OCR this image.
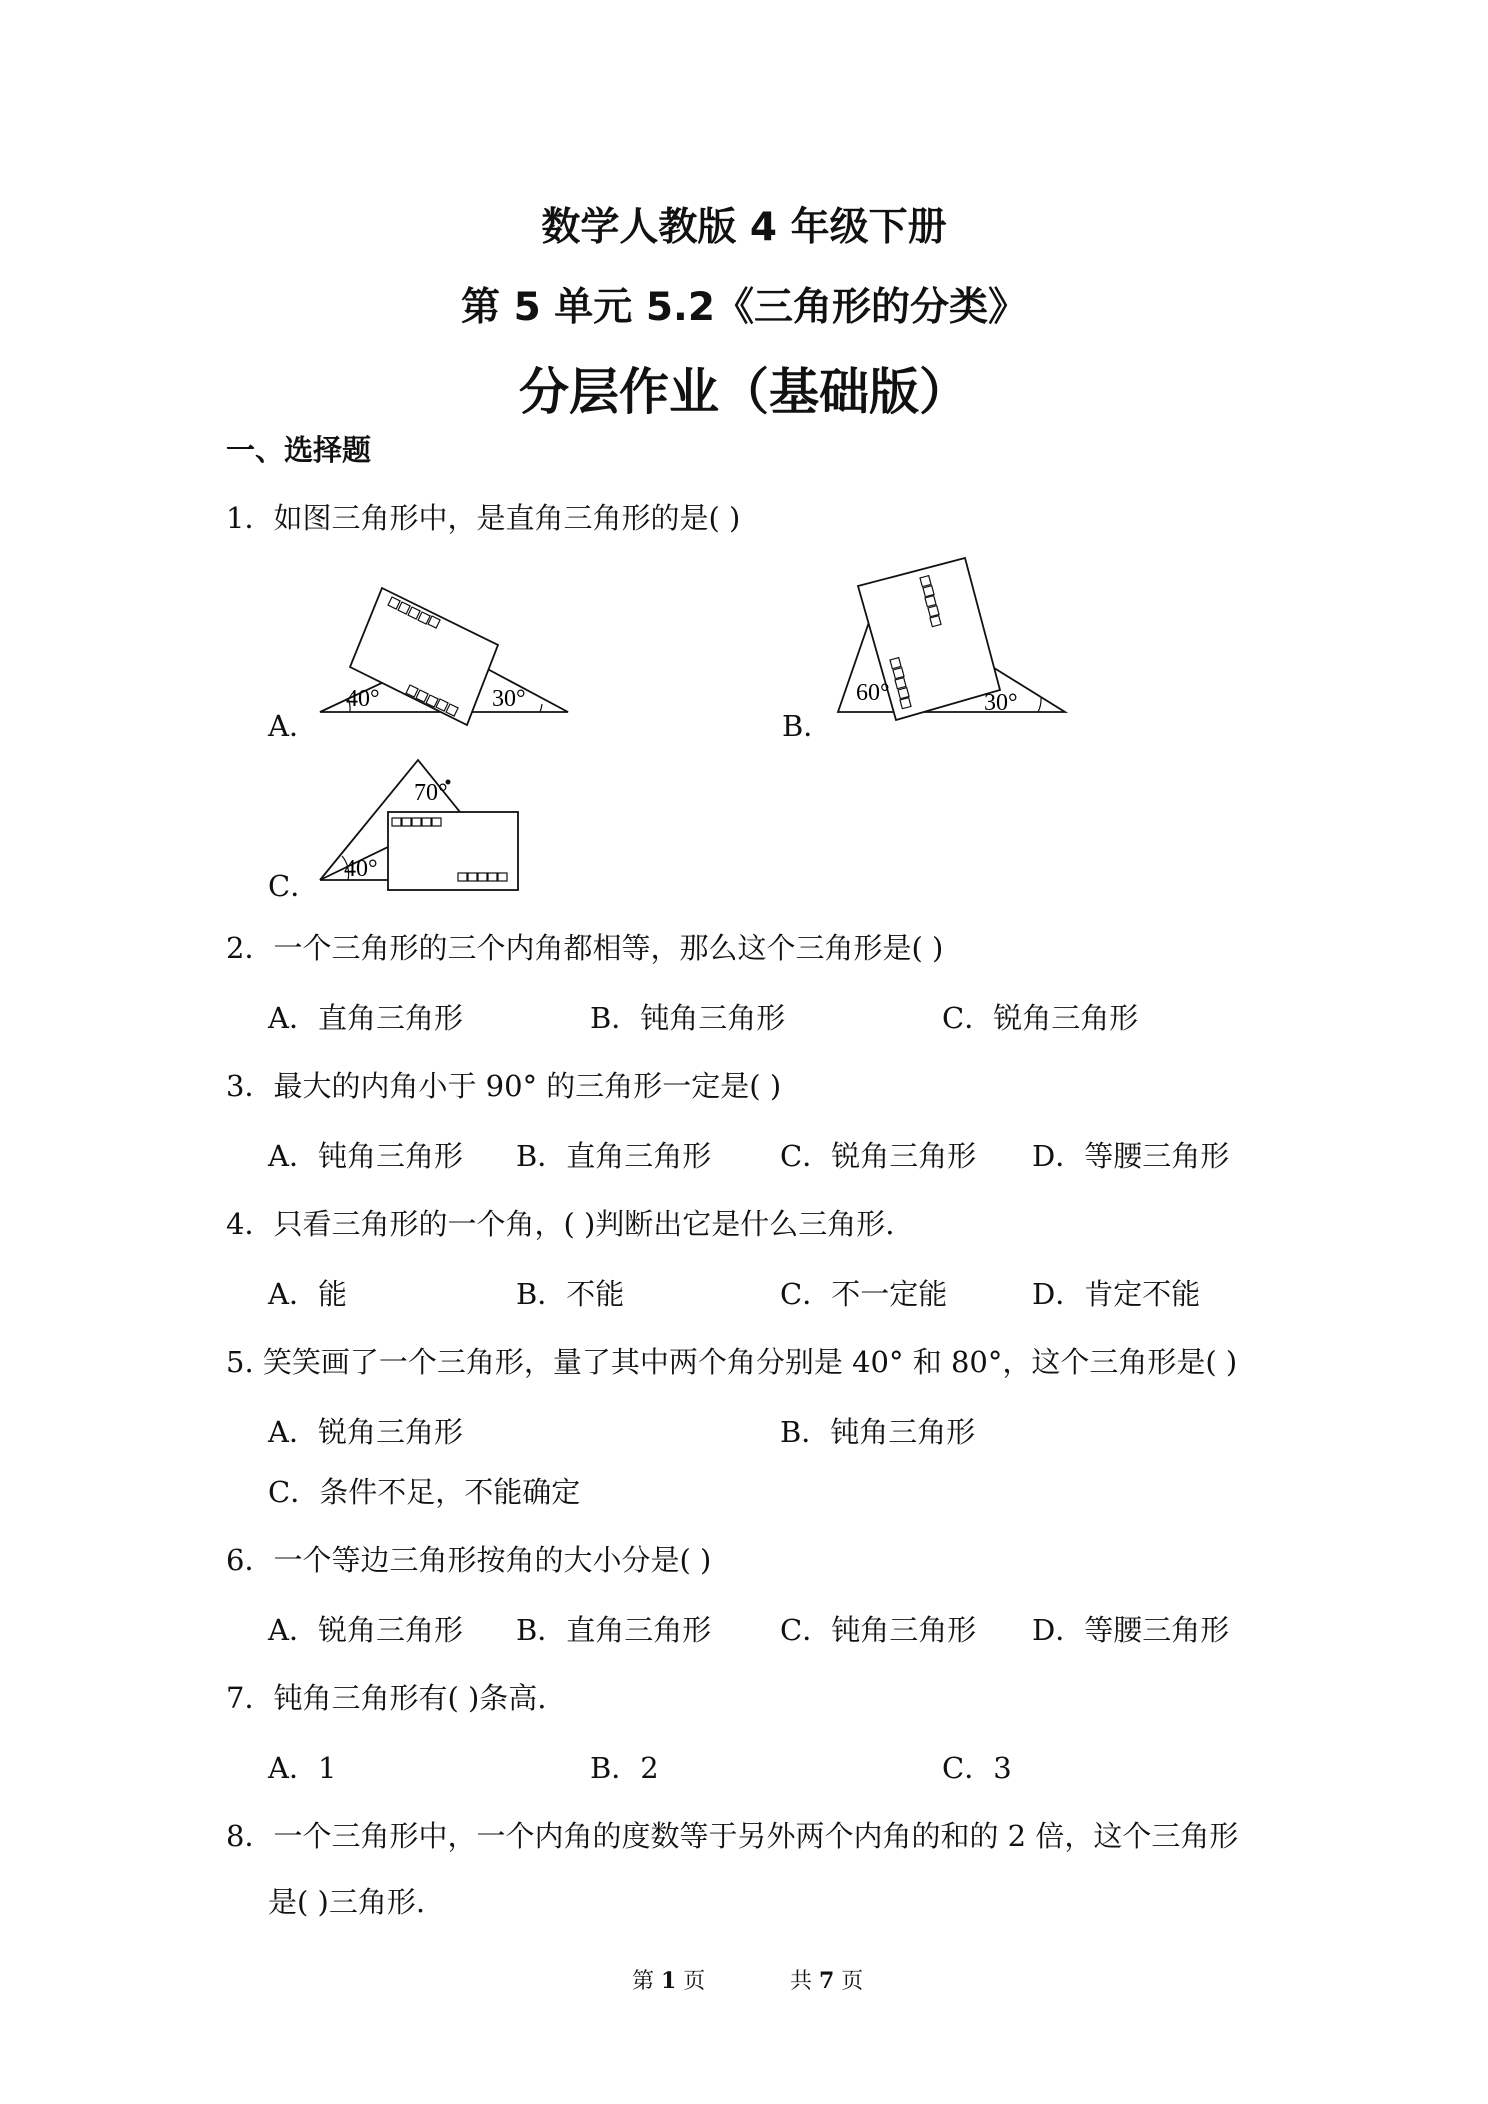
数学人教版 4 年级下册
第 5 单元 5.2《三角形的分类》
分层作业（基础版）
一、选择题
1．如图三角形中，是直角三角形的是( )
A．
40°	30°
B．
60°	30°
C．
70°
40°
2．一个三角形的三个内角都相等，那么这个三角形是( )
A．直角三角形	B．钝角三角形	C．锐角三角形
3．最大的内角小于 90° 的三角形一定是( )
A．钝角三角形 B．直角三角形 C．锐角三角形 D．等腰三角形
4．只看三角形的一个角，( )判断出它是什么三角形.
A．能	B．不能	C．不一定能	D．肯定不能
5. 笑笑画了一个三角形，量了其中两个角分别是 40° 和 80°，这个三角形是( )
A．锐角三角形	B．钝角三角形
C．条件不足，不能确定
6．一个等边三角形按角的大小分是( )
A．锐角三角形 B．直角三角形 C．钝角三角形 D．等腰三角形
7．钝角三角形有( )条高.
A．1	B．2	C．3
8．一个三角形中，一个内角的度数等于另外两个内角的和的 2 倍，这个三角形
是( )三角形.
第 1 页	共 7 页
